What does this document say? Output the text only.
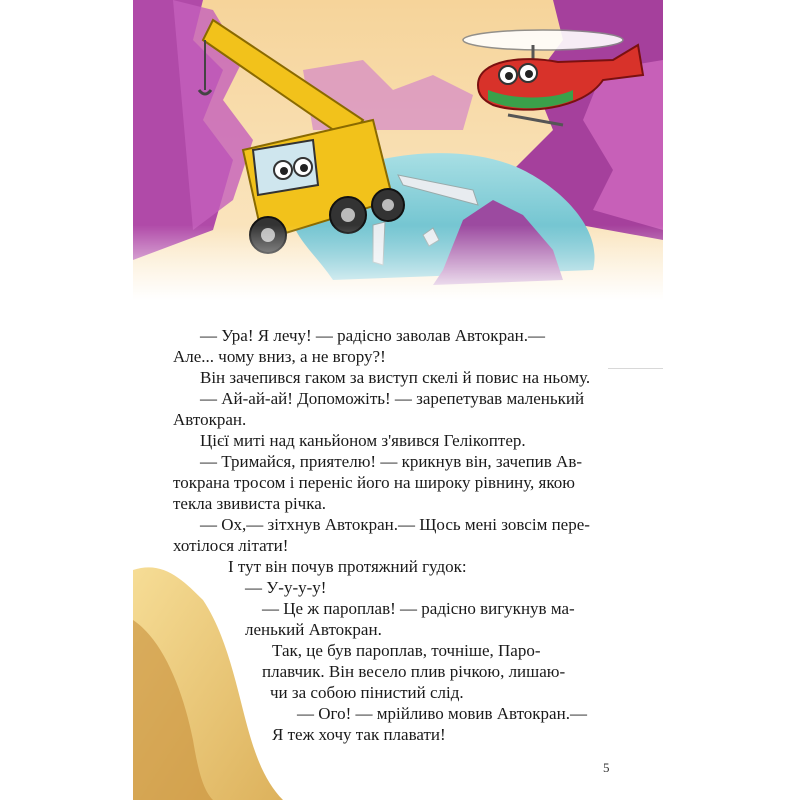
— Ура! Я лечу! — радісно заволав Автокран.—
Але... чому вниз, а не вгору?!
Він зачепився гаком за виступ скелі й повис на ньому.
— Ай-ай-ай! Допоможіть! — зарепетував маленький
Автокран.
Цієї миті над каньйоном з'явився Гелікоптер.
— Тримайся, приятелю! — крикнув він, зачепив Ав-
токрана тросом і переніс його на широку рівнину, якою
текла звивиста річка.
— Ох,— зітхнув Автокран.— Щось мені зовсім пере-
хотілося літати!
І тут він почув протяжний гудок:
— У-у-у-у!
— Це ж пароплав! — радісно вигукнув ма-
ленький Автокран.
Так, це був пароплав, точніше, Паро-
плавчик. Він весело плив річкою, лишаю-
чи за собою пінистий слід.
— Ого! — мрійливо мовив Автокран.—
Я теж хочу так плавати!
5
